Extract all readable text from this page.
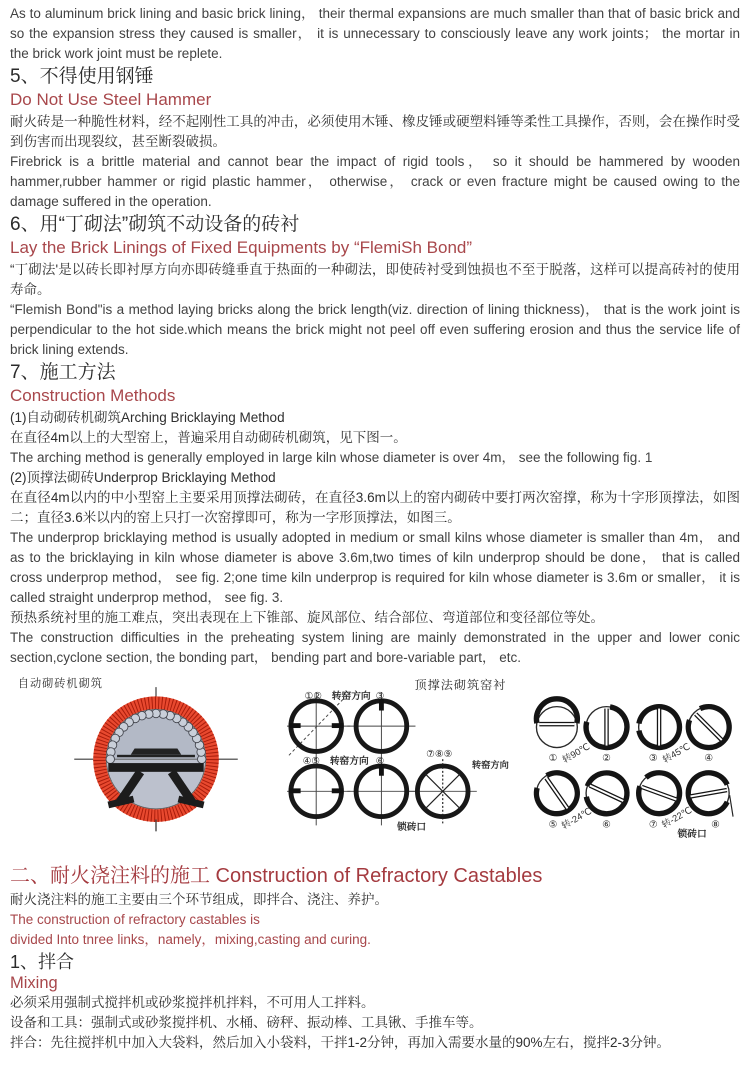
As to aluminum brick lining and basic brick lining， their thermal expansions are much smaller than that of basic brick and so the expansion stress they caused is smaller， it is unnecessary to consciously leave any work joints； the mortar in the brick work joint must be replete.

5、不得使用钢锤
Do Not Use Steel Hammer

耐火砖是一种脆性材料，经不起刚性工具的冲击，必须使用木锤、橡皮锤或硬塑料锤等柔性工具操作，否则，会在操作时受到伤害而出现裂纹，甚至断裂破损。

Firebrick is a brittle material and cannot bear the impact of rigid tools， so it should be hammered by wooden hammer,rubber hammer or rigid plastic hammer， otherwise， crack or even fracture might be caused owing to the damage suffered in the operation.

6、用“丁砌法”砌筑不动设备的砖衬
Lay the Brick Linings of Fixed Equipments by “FlemiSh Bond”

“丁砌法'是以砖长即衬厚方向亦即砖缝垂直于热面的一种砌法，即使砖衬受到蚀损也不至于脱落，这样可以提高砖衬的使用寿命。

“Flemish Bond"is a method laying bricks along the brick length(viz. direction of lining thickness)， that is the work joint is perpendicular to the hot side.which means the brick might not peel off even suffering erosion and thus the service life of brick lining extends.

7、施工方法
Construction Methods

(1)自动砌砖机砌筑Arching Bricklaying Method

在直径4m以上的大型窑上，普遍采用自动砌砖机砌筑，见下图一。

The arching method is generally employed in large kiln whose diameter is over 4m， see the following fig. 1

(2)顶撑法砌砖Underprop Bricklaying Method

在直径4m以内的中小型窑上主要采用顶撑法砌砖，在直径3.6m以上的窑内砌砖中要打两次窑撑，称为十字形顶撑法，如图二；直径3.6米以内的窑上只打一次窑撑即可，称为一字形顶撑法，如图三。

The underprop bricklaying method is usually adopted in medium or small kilns whose diameter is smaller than 4m， and as to the bricklaying in kiln whose diameter is above 3.6m,two times of kiln underprop should be done， that is called cross underprop method， see fig. 2;one time kiln underprop is required for kiln whose diameter is 3.6m or smaller， it is called straight underprop method， see fig. 3.

预热系统衬里的施工难点，突出表现在上下锥部、旋风部位、结合部位、弯道部位和变径部位等处。

The construction difficulties in the preheating system lining are mainly demonstrated in the upper and lower conic section,cyclone section, the bonding part， bending part and bore-variable part， etc.

自动砌砖机砌筑	顶撑法砌筑窑衬
①② 转窑方向 ③
④⑤ 转窑方向 ⑥
⑦⑧⑨
转窑方向
锁砖口
① 转90℃ ②	③ 转45℃ ④
⑤ 转-24℃ ⑥	⑦ 转-22℃ ⑧
锁砖口
二、耐火浇注料的施工 Construction of Refractory Castables

耐火浇注料的施工主要由三个环节组成，即拌合、浇注、养护。

The construction of refractory castables is

divided Into tnree links，namely，mixing,casting and curing.

1、拌合
Mixing

必须采用强制式搅拌机或砂浆搅拌机拌料，不可用人工拌料。

设备和工具：强制式或砂浆搅拌机、水桶、磅秤、振动棒、工具锹、手推车等。

拌合：先往搅拌机中加入大袋料，然后加入小袋料，干拌1-2分钟，再加入需要水量的90%左右，搅拌2-3分钟。
